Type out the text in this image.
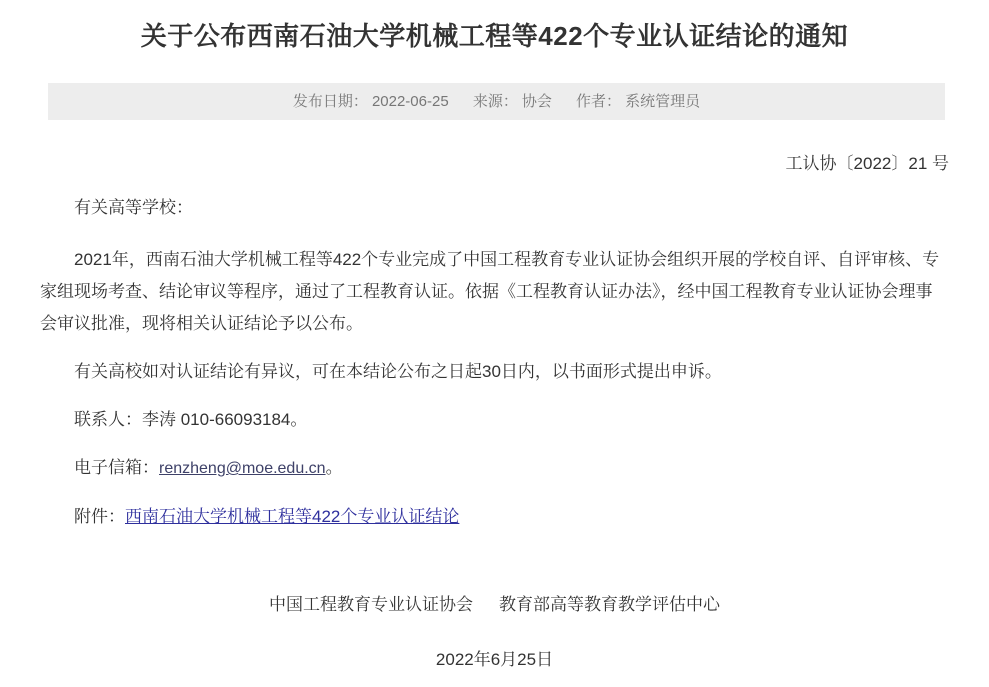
关于公布西南石油大学机械工程等422个专业认证结论的通知
发布日期： 2022-06-25 来源： 协会 作者： 系统管理员
工认协〔2022〕21 号

有关高等学校：

2021年，西南石油大学机械工程等422个专业完成了中国工程教育专业认证协会组织开展的学校自评、自评审核、专家组现场考查、结论审议等程序，通过了工程教育认证。依据《工程教育认证办法》，经中国工程教育专业认证协会理事会审议批准，现将相关认证结论予以公布。

有关高校如对认证结论有异议，可在本结论公布之日起30日内，以书面形式提出申诉。

联系人：李涛 010-66093184。

电子信箱：renzheng@moe.edu.cn。

附件：西南石油大学机械工程等422个专业认证结论

中国工程教育专业认证协会 教育部高等教育教学评估中心
2022年6月25日
